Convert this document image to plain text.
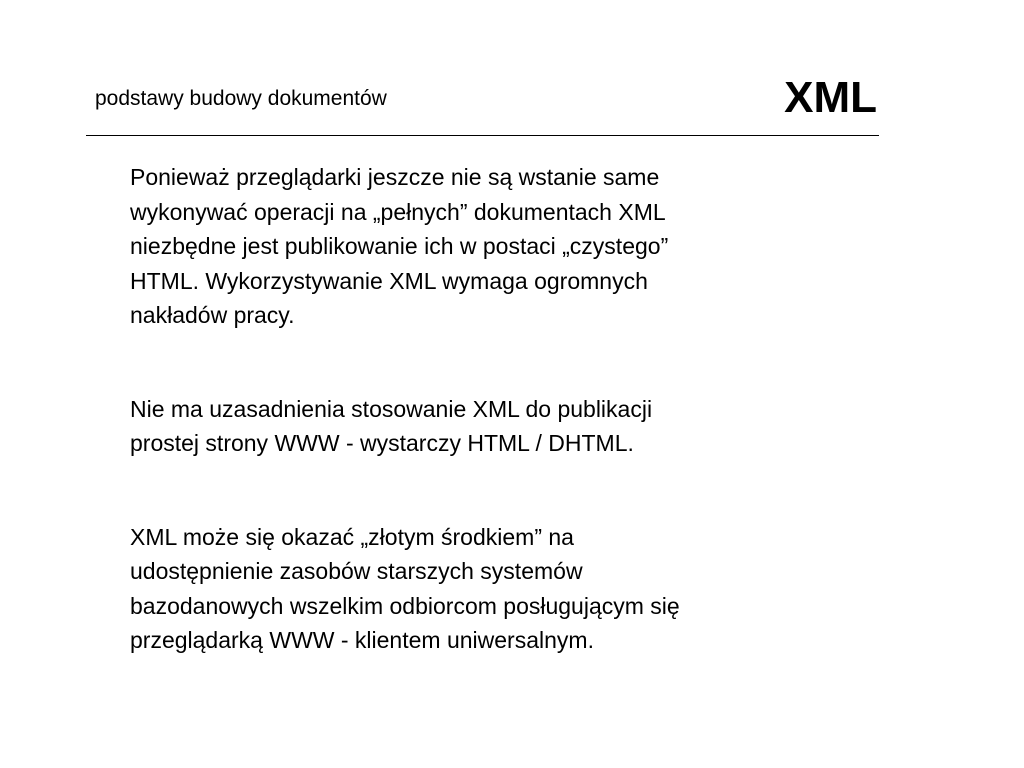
podstawy budowy dokumentów	XML

Ponieważ przeglądarki jeszcze nie są wstanie same
wykonywać operacji na „pełnych” dokumentach XML
niezbędne jest publikowanie ich w postaci „czystego”
HTML. Wykorzystywanie XML wymaga ogromnych
nakładów pracy.

Nie ma uzasadnienia stosowanie XML do publikacji
prostej strony WWW - wystarczy HTML / DHTML.

XML może się okazać „złotym środkiem” na
udostępnienie zasobów starszych systemów
bazodanowych wszelkim odbiorcom posługującym się
przeglądarką WWW - klientem uniwersalnym.
